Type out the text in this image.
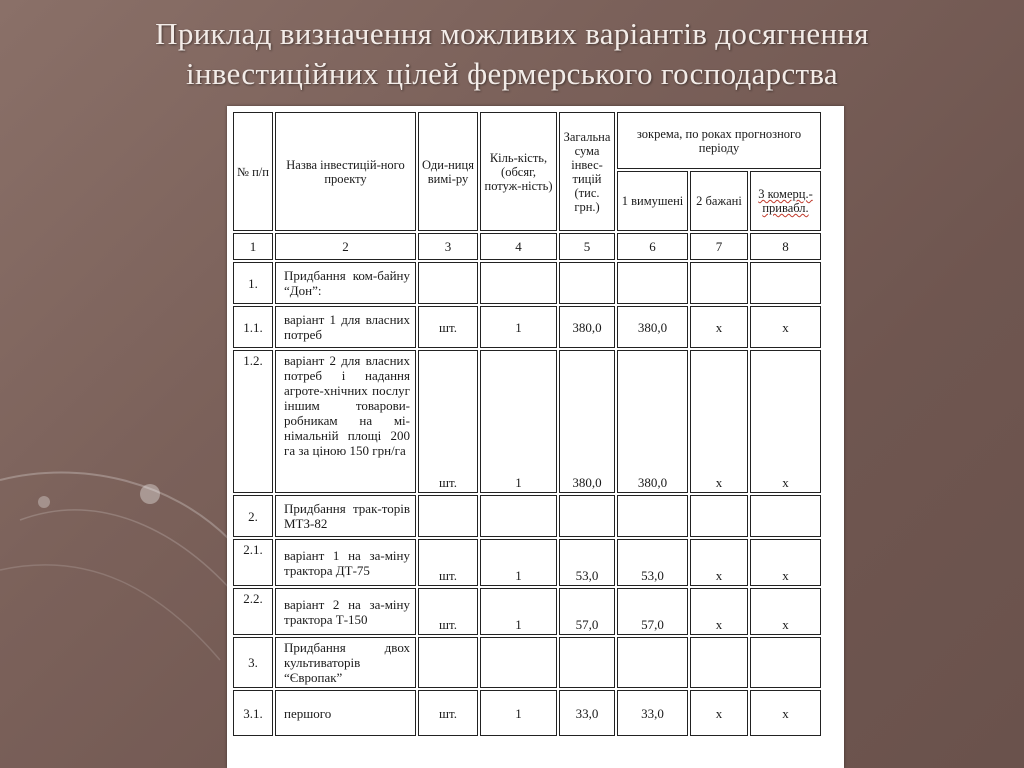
Приклад визначення можливих варіантів досягнення
інвестиційних цілей фермерського господарства
№ п/п	Назва інвестицій-ного проекту	Оди-ниця вимі-ру	Кіль-кість, (обсяг, потуж-ність)	Загальна сума інвес-тицій (тис. грн.)	зокрема, по роках прогнозного періоду		
					1 вимушені	2 бажані	3 комерц.-привабл.
1	2	3	4	5	6	7	8
1.	Придбання ком-байну “Дон”:						
1.1.	варіант 1 для власних потреб	шт.	1	380,0	380,0	х	х
1.2.	варіант 2 для власних потреб і надання агроте-хнічних послуг іншим товарови-робникам на мі-німальній площі 200 га за ціною 150 грн/га	шт.	1	380,0	380,0	х	х
2.	Придбання трак-торів МТЗ-82						
2.1.	варіант 1 на за-міну трактора ДТ-75	шт.	1	53,0	53,0	х	х
2.2.	варіант 2 на за-міну трактора Т-150	шт.	1	57,0	57,0	х	х
3.	Придбання двох культиваторів “Європак”						
3.1.	першого	шт.	1	33,0	33,0	х	х
